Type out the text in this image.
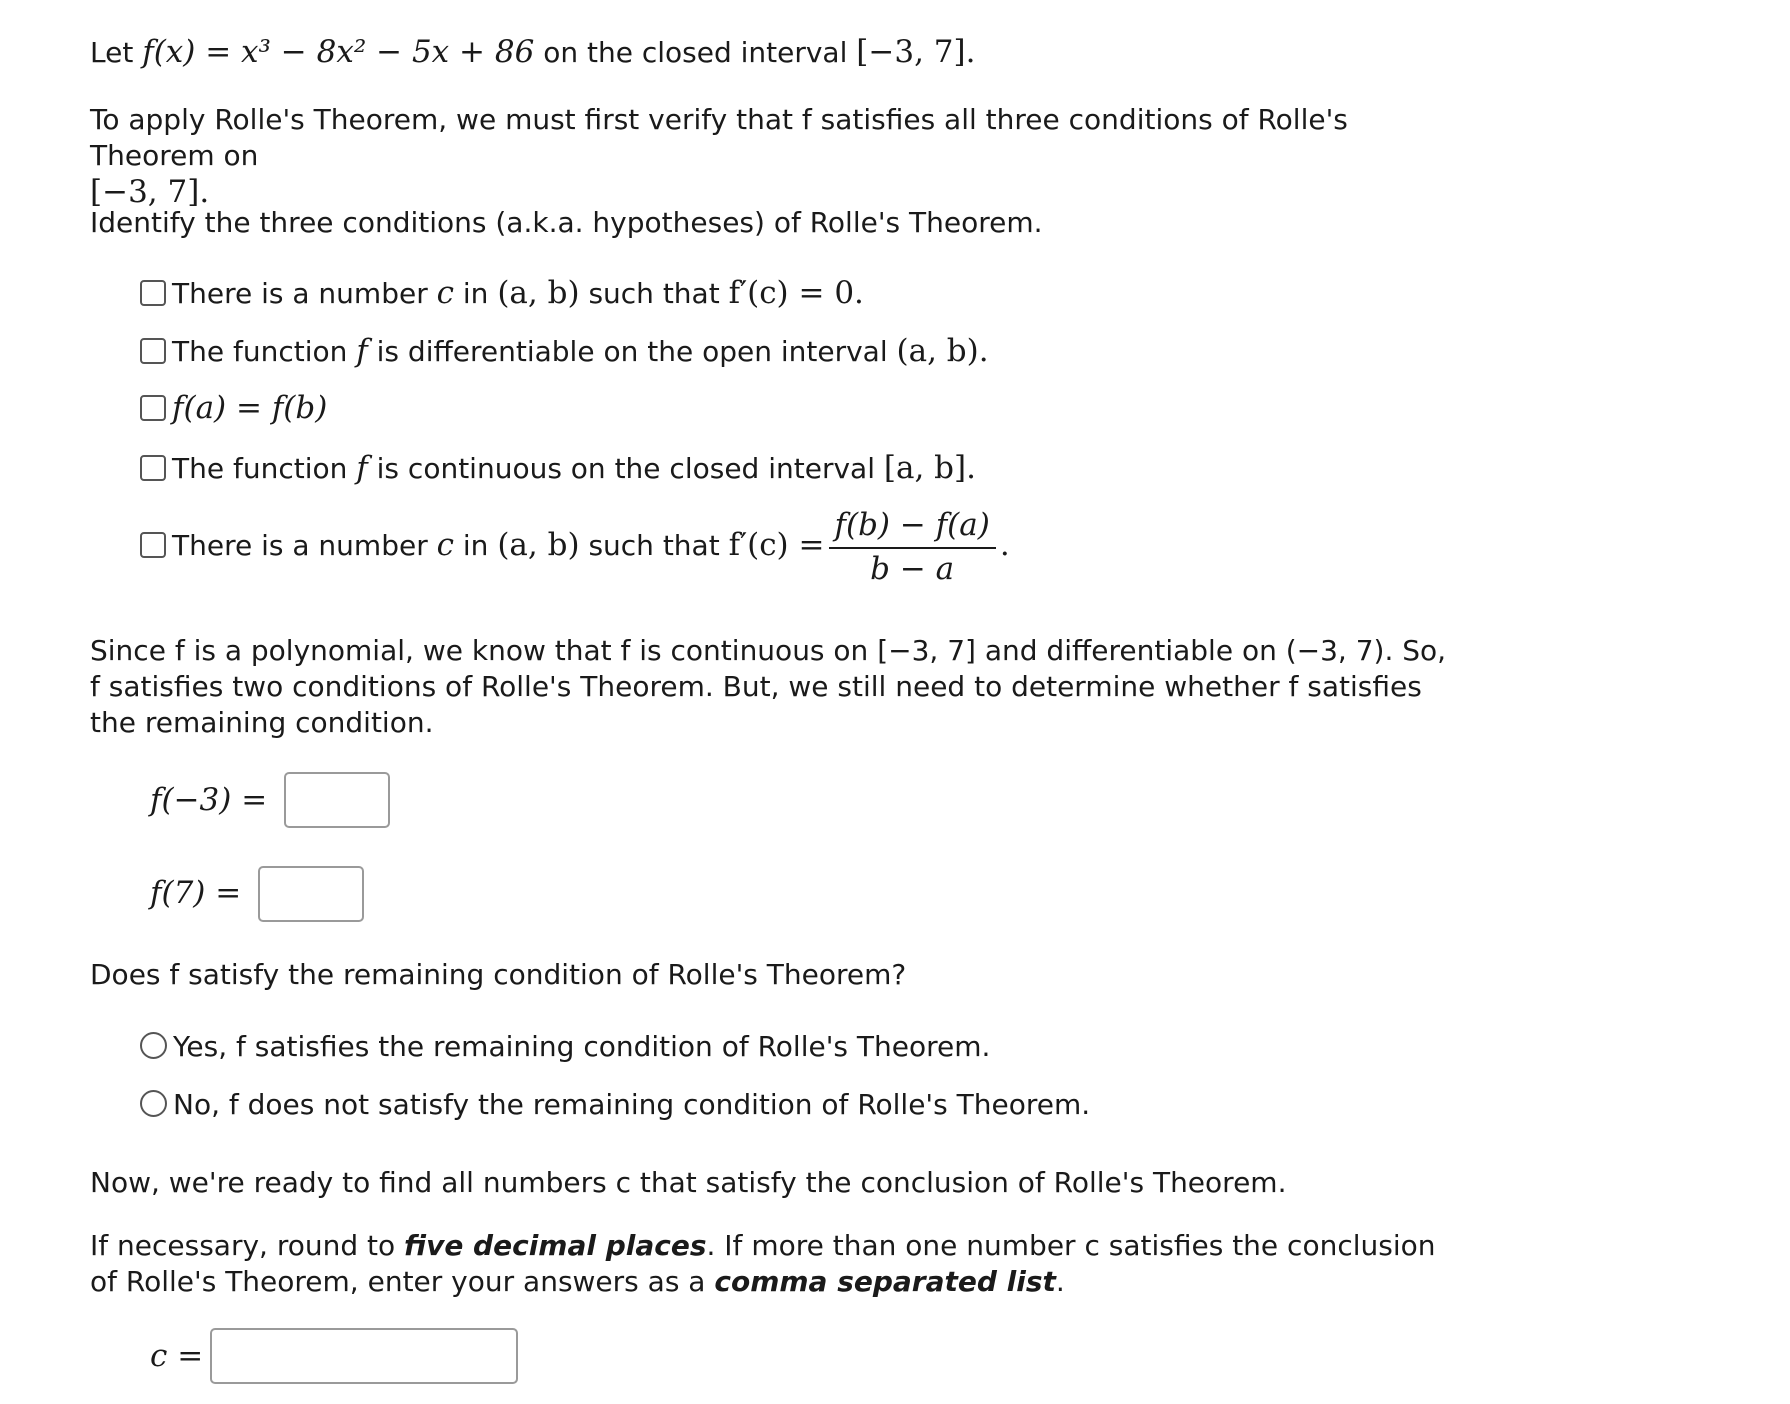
Let f(x) = x³ − 8x² − 5x + 86 on the closed interval [−3, 7].
To apply Rolle's Theorem, we must first verify that f satisfies all three conditions of Rolle's Theorem on
[−3, 7].
Identify the three conditions (a.k.a. hypotheses) of Rolle's Theorem.
There is a number c in (a, b) such that f′(c) = 0.
The function f is differentiable on the open interval (a, b).
f(a) = f(b)
The function f is continuous on the closed interval [a, b].
There is a number c in (a, b) such that $f'(c) = \frac{f(b) - f(a)}{b - a}$ .
Since f is a polynomial, we know that f is continuous on [−3, 7] and differentiable on (−3, 7). So, f satisfies two conditions of Rolle's Theorem. But, we still need to determine whether f satisfies the remaining condition.
f(−3) =
f(7) =
Does f satisfy the remaining condition of Rolle's Theorem?
Yes, f satisfies the remaining condition of Rolle's Theorem.
No, f does not satisfy the remaining condition of Rolle's Theorem.
Now, we're ready to find all numbers c that satisfy the conclusion of Rolle's Theorem.
If necessary, round to five decimal places. If more than one number c satisfies the conclusion of Rolle's Theorem, enter your answers as a comma separated list.
c =
